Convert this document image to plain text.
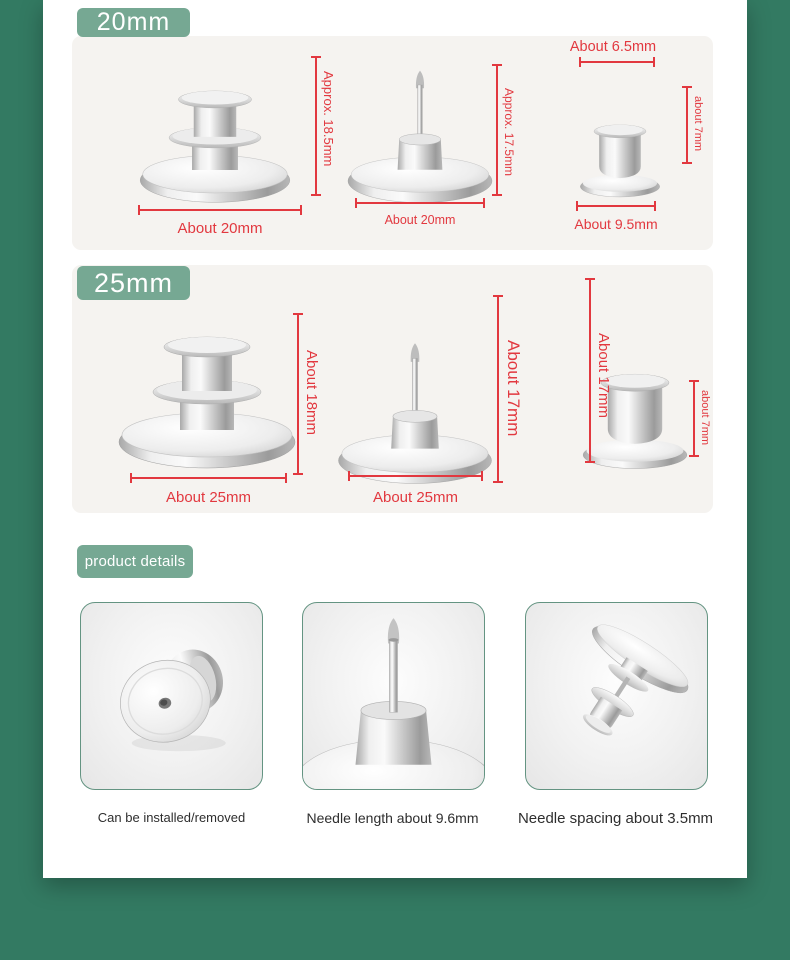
20mm
Approx. 18.5mm
About 20mm
Approx. 17.5mm
About 20mm
About 6.5mm
about 7mm
About 9.5mm
25mm
About 18mm
About 25mm
About 17mm
About 25mm
About 17mm	about 7mm
product details
Can be installed/removed	Needle length about 9.6mm	Needle spacing about 3.5mm
